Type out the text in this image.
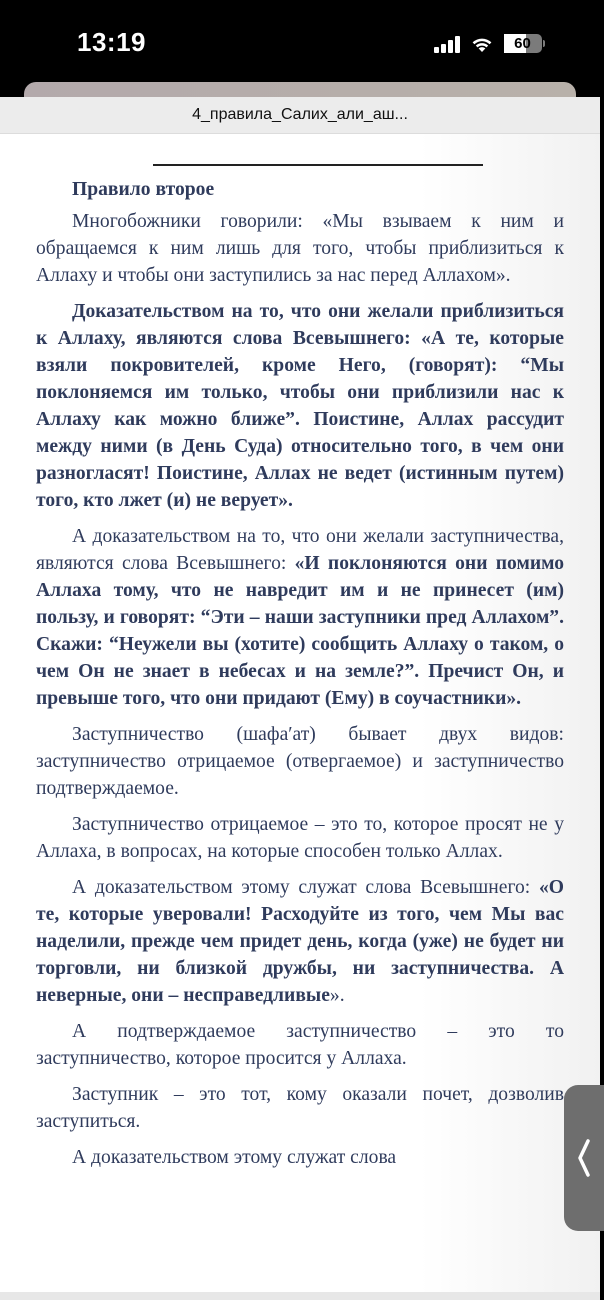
13:19	60
4_правила_Салих_али_аш...

Правило второе

Многобожники говорили: «Мы взываем к ним и обращаемся к ним лишь для того, чтобы приблизиться к Аллаху и чтобы они заступились за нас перед Аллахом».

Доказательством на то, что они желали приблизиться к Аллаху, являются слова Всевышнего: «А те, которые взяли покровителей, кроме Него, (говорят): “Мы поклоняемся им только, чтобы они приблизили нас к Аллаху как можно ближе”. Поистине, Аллах рассудит между ними (в День Суда) относительно того, в чем они разногласят! Поистине, Аллах не ведет (истинным путем) того, кто лжет (и) не верует».

А доказательством на то, что они желали заступничества, являются слова Всевышнего: «И поклоняются они помимо Аллаха тому, что не навредит им и не принесет (им) пользу, и говорят: “Эти – наши заступники пред Аллахом”. Скажи: “Неужели вы (хотите) сообщить Аллаху о таком, о чем Он не знает в небесах и на земле?”. Пречист Он, и превыше того, что они придают (Ему) в соучастники».

Заступничество (шафа′ат) бывает двух видов: заступничество отрицаемое (отвергаемое) и заступничество подтверждаемое.

Заступничество отрицаемое – это то, которое просят не у Аллаха, в вопросах, на которые способен только Аллах.

А доказательством этому служат слова Всевышнего: «О те, которые уверовали! Расходуйте из того, чем Мы вас наделили, прежде чем придет день, когда (уже) не будет ни торговли, ни близкой дружбы, ни заступничества. А неверные, они – несправедливые».

А подтверждаемое заступничество – это то заступничество, которое просится у Аллаха.

Заступник – это тот, кому оказали почет, дозволив заступиться.

А доказательством этому служат слова
